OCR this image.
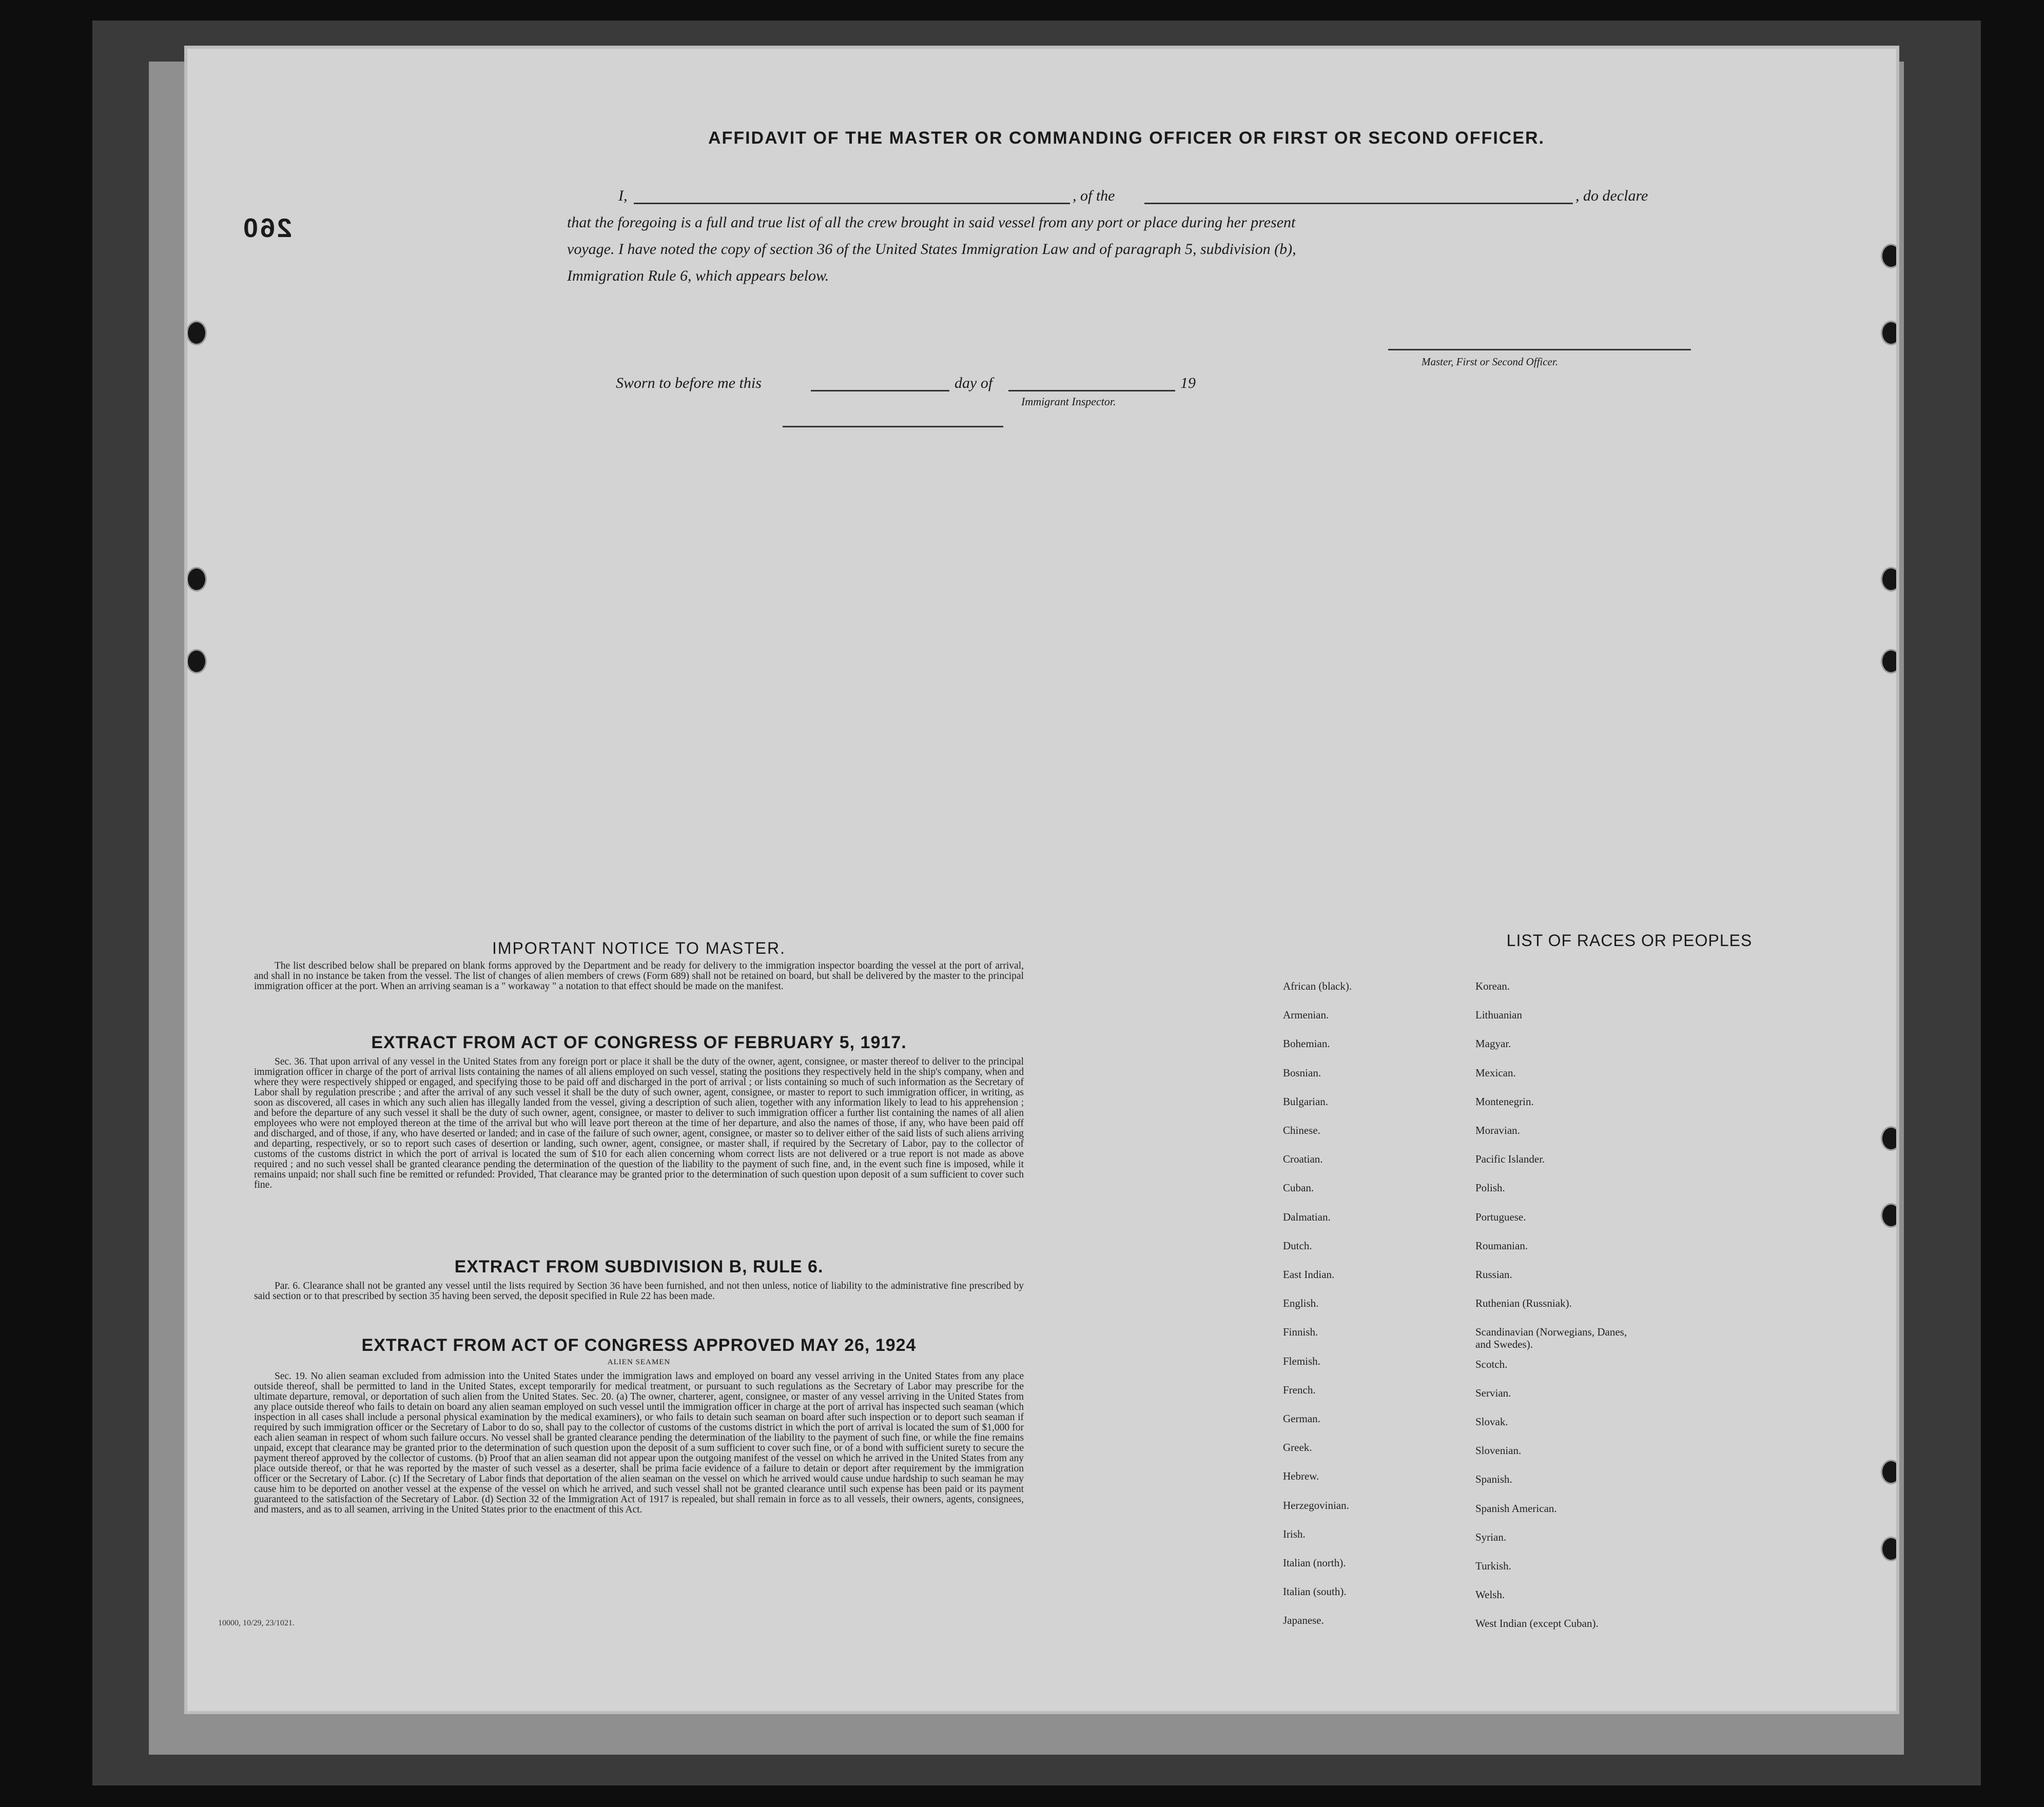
260
AFFIDAVIT OF THE MASTER OR COMMANDING OFFICER OR FIRST OR SECOND OFFICER.
I,	, of the	, do declare
that the foregoing is a full and true list of all the crew brought in said vessel from any port or place during her present
voyage. I have noted the copy of section 36 of the United States Immigration Law and of paragraph 5, subdivision (b),
Immigration Rule 6, which appears below.
Master, First or Second Officer.
Sworn to before me this	day of	19
Immigrant Inspector.
IMPORTANT NOTICE TO MASTER.
The list described below shall be prepared on blank forms approved by the Department and be ready for delivery to the immigration inspector boarding the vessel at the port of arrival, and shall in no instance be taken from the vessel. The list of changes of alien members of crews (Form 689) shall not be retained on board, but shall be delivered by the master to the principal immigration officer at the port. When an arriving seaman is a " workaway " a notation to that effect should be made on the manifest.
EXTRACT FROM ACT OF CONGRESS OF FEBRUARY 5, 1917.
Sec. 36. That upon arrival of any vessel in the United States from any foreign port or place it shall be the duty of the owner, agent, consignee, or master thereof to deliver to the principal immigration officer in charge of the port of arrival lists containing the names of all aliens employed on such vessel, stating the positions they respectively held in the ship's company, when and where they were respectively shipped or engaged, and specifying those to be paid off and discharged in the port of arrival ; or lists containing so much of such information as the Secretary of Labor shall by regulation prescribe ; and after the arrival of any such vessel it shall be the duty of such owner, agent, consignee, or master to report to such immigration officer, in writing, as soon as discovered, all cases in which any such alien has illegally landed from the vessel, giving a description of such alien, together with any information likely to lead to his apprehension ; and before the departure of any such vessel it shall be the duty of such owner, agent, consignee, or master to deliver to such immigration officer a further list containing the names of all alien employees who were not employed thereon at the time of the arrival but who will leave port thereon at the time of her departure, and also the names of those, if any, who have been paid off and discharged, and of those, if any, who have deserted or landed; and in case of the failure of such owner, agent, consignee, or master so to deliver either of the said lists of such aliens arriving and departing, respectively, or so to report such cases of desertion or landing, such owner, agent, consignee, or master shall, if required by the Secretary of Labor, pay to the collector of customs of the customs district in which the port of arrival is located the sum of $10 for each alien concerning whom correct lists are not delivered or a true report is not made as above required ; and no such vessel shall be granted clearance pending the determination of the question of the liability to the payment of such fine, and, in the event such fine is imposed, while it remains unpaid; nor shall such fine be remitted or refunded: Provided, That clearance may be granted prior to the determination of such question upon deposit of a sum sufficient to cover such fine.
EXTRACT FROM SUBDIVISION B, RULE 6.
Par. 6. Clearance shall not be granted any vessel until the lists required by Section 36 have been furnished, and not then unless, notice of liability to the administrative fine prescribed by said section or to that prescribed by section 35 having been served, the deposit specified in Rule 22 has been made.
EXTRACT FROM ACT OF CONGRESS APPROVED MAY 26, 1924
ALIEN SEAMEN
Sec. 19. No alien seaman excluded from admission into the United States under the immigration laws and employed on board any vessel arriving in the United States from any place outside thereof, shall be permitted to land in the United States, except temporarily for medical treatment, or pursuant to such regulations as the Secretary of Labor may prescribe for the ultimate departure, removal, or deportation of such alien from the United States. Sec. 20. (a) The owner, charterer, agent, consignee, or master of any vessel arriving in the United States from any place outside thereof who fails to detain on board any alien seaman employed on such vessel until the immigration officer in charge at the port of arrival has inspected such seaman (which inspection in all cases shall include a personal physical examination by the medical examiners), or who fails to detain such seaman on board after such inspection or to deport such seaman if required by such immigration officer or the Secretary of Labor to do so, shall pay to the collector of customs of the customs district in which the port of arrival is located the sum of $1,000 for each alien seaman in respect of whom such failure occurs. No vessel shall be granted clearance pending the determination of the liability to the payment of such fine, or while the fine remains unpaid, except that clearance may be granted prior to the determination of such question upon the deposit of a sum sufficient to cover such fine, or of a bond with sufficient surety to secure the payment thereof approved by the collector of customs. (b) Proof that an alien seaman did not appear upon the outgoing manifest of the vessel on which he arrived in the United States from any place outside thereof, or that he was reported by the master of such vessel as a deserter, shall be prima facie evidence of a failure to detain or deport after requirement by the immigration officer or the Secretary of Labor. (c) If the Secretary of Labor finds that deportation of the alien seaman on the vessel on which he arrived would cause undue hardship to such seaman he may cause him to be deported on another vessel at the expense of the vessel on which he arrived, and such vessel shall not be granted clearance until such expense has been paid or its payment guaranteed to the satisfaction of the Secretary of Labor. (d) Section 32 of the Immigration Act of 1917 is repealed, but shall remain in force as to all vessels, their owners, agents, consignees, and masters, and as to all seamen, arriving in the United States prior to the enactment of this Act.
LIST OF RACES OR PEOPLES
10000, 10/29, 23/1021.
African (black).
Armenian.
Bohemian.
Bosnian.
Bulgarian.
Chinese.
Croatian.
Cuban.
Dalmatian.
Dutch.
East Indian.
English.
Finnish.
Flemish.
French.
German.
Greek.
Hebrew.
Herzegovinian.
Irish.
Italian (north).
Italian (south).
Japanese.
Korean.
Lithuanian
Magyar.
Mexican.
Montenegrin.
Moravian.
Pacific Islander.
Polish.
Portuguese.
Roumanian.
Russian.
Ruthenian (Russniak).
Scandinavian (Norwegians, Danes, and Swedes).
Scotch.
Servian.
Slovak.
Slovenian.
Spanish.
Spanish American.
Syrian.
Turkish.
Welsh.
West Indian (except Cuban).
